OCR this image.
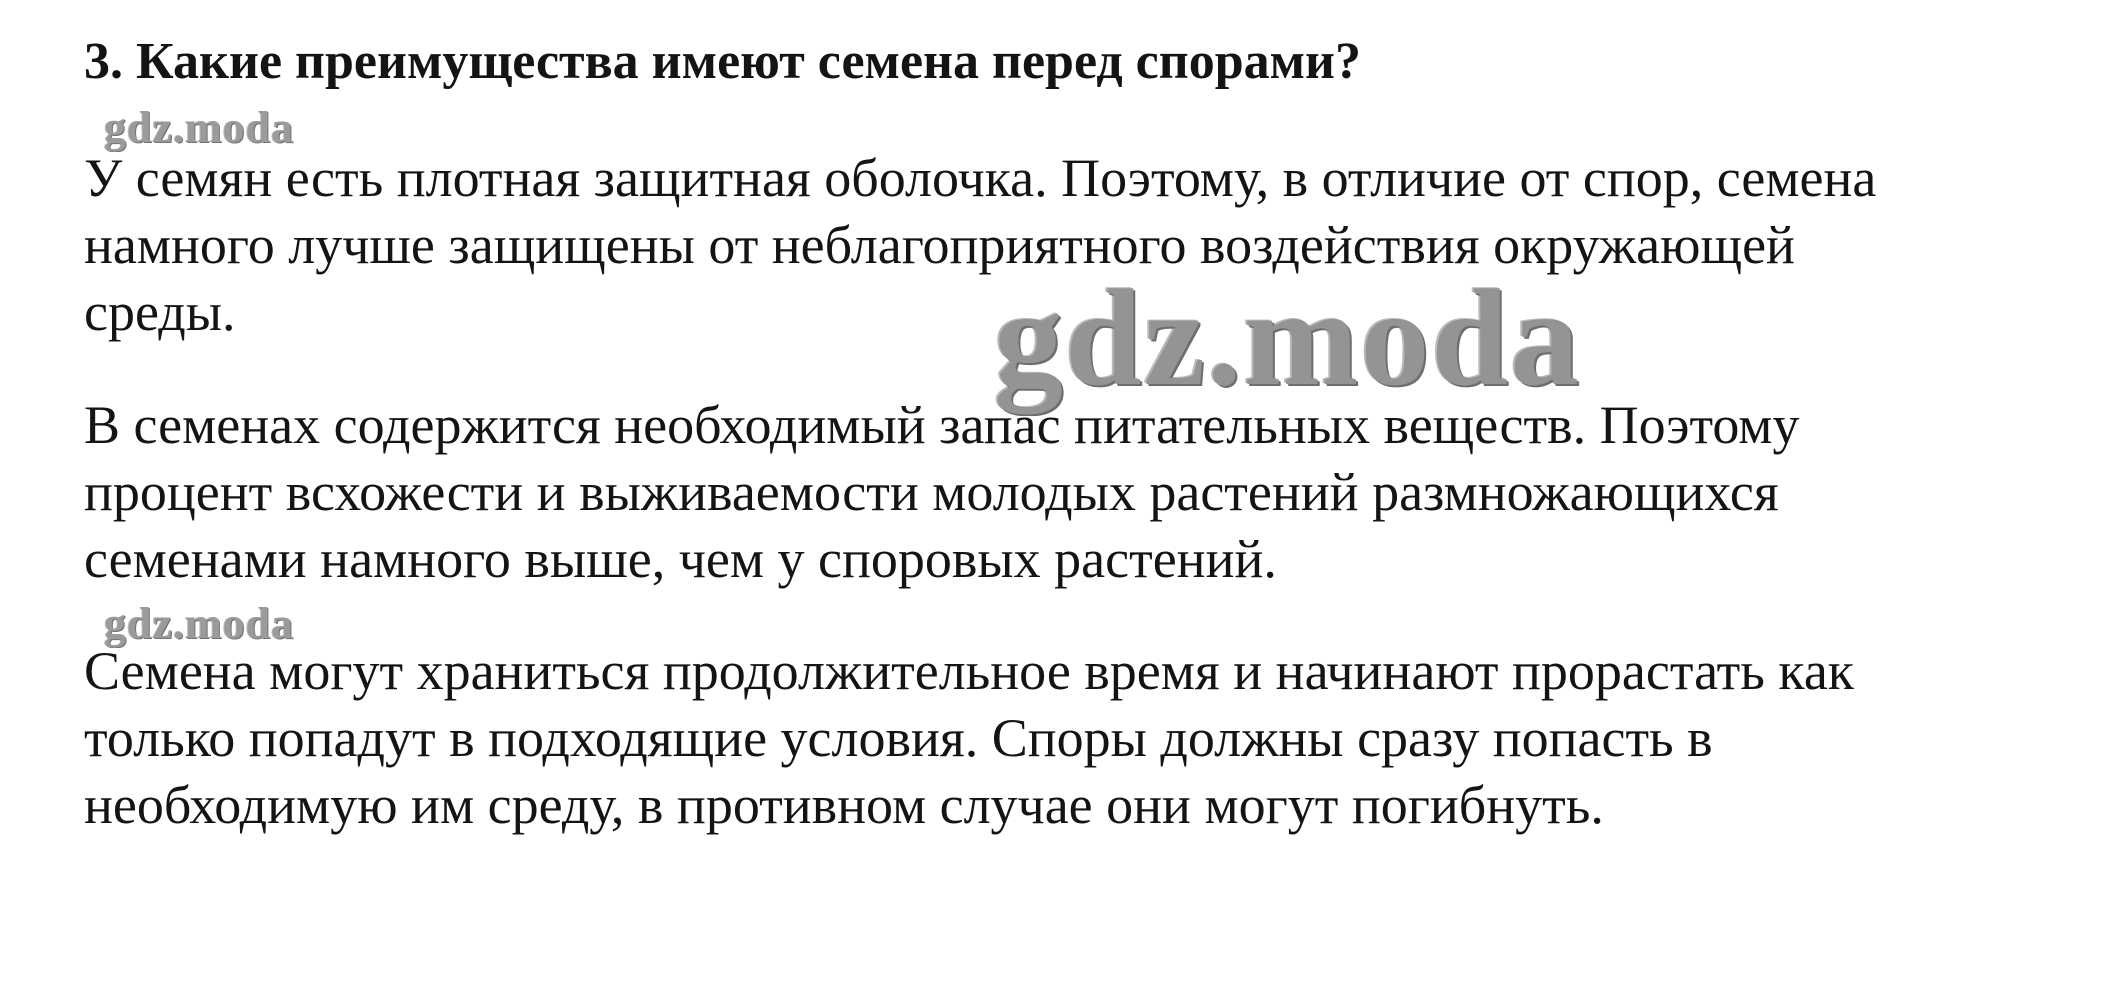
3. Какие преимущества имеют семена перед спорами?
gdz.moda

У семян есть плотная защитная оболочка. Поэтому, в отличие от спор, семена
намного лучше защищены от неблагоприятного воздействия окружающей
среды.

В семенах содержится необходимый запас питательных веществ. Поэтому
процент всхожести и выживаемости молодых растений размножающихся
семенами намного выше, чем у споровых растений.

gdz.moda

Семена могут храниться продолжительное время и начинают прорастать как
только попадут в подходящие условия. Споры должны сразу попасть в
необходимую им среду, в противном случае они могут погибнуть.

gdz.moda
